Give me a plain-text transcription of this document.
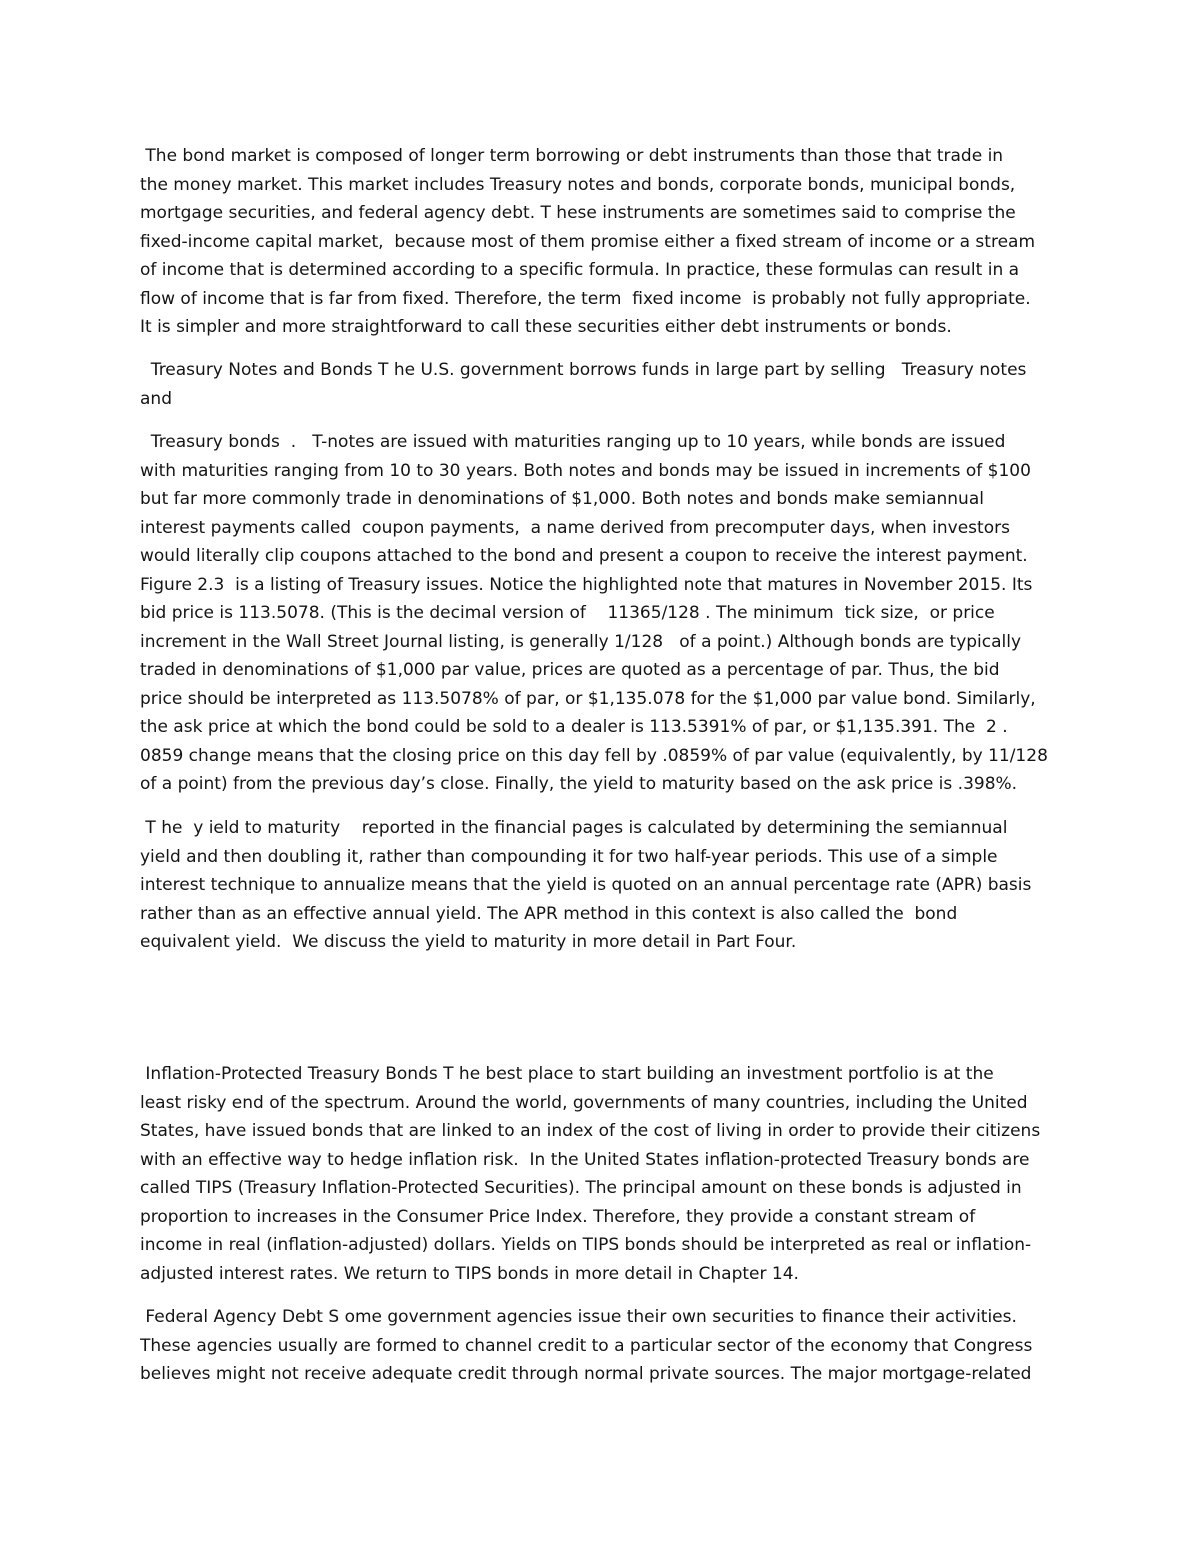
The bond market is composed of longer term borrowing or debt instruments than those that trade in
the money market. This market includes Treasury notes and bonds, corporate bonds, municipal bonds,
mortgage securities, and federal agency debt. T hese instruments are sometimes said to comprise the
fixed-income capital market,  because most of them promise either a fixed stream of income or a stream
of income that is determined according to a specific formula. In practice, these formulas can result in a
flow of income that is far from fixed. Therefore, the term  fixed income  is probably not fully appropriate.
It is simpler and more straightforward to call these securities either debt instruments or bonds.

Treasury Notes and Bonds T he U.S. government borrows funds in large part by selling   Treasury notes
and

Treasury bonds  .   T-notes are issued with maturities ranging up to 10 years, while bonds are issued
with maturities ranging from 10 to 30 years. Both notes and bonds may be issued in increments of $100
but far more commonly trade in denominations of $1,000. Both notes and bonds make semiannual
interest payments called  coupon payments,  a name derived from precomputer days, when investors
would literally clip coupons attached to the bond and present a coupon to receive the interest payment.
Figure 2.3  is a listing of Treasury issues. Notice the highlighted note that matures in November 2015. Its
bid price is 113.5078. (This is the decimal version of    11365/128 . The minimum  tick size,  or price
increment in the Wall Street Journal listing, is generally 1/128   of a point.) Although bonds are typically
traded in denominations of $1,000 par value, prices are quoted as a percentage of par. Thus, the bid
price should be interpreted as 113.5078% of par, or $1,135.078 for the $1,000 par value bond. Similarly,
the ask price at which the bond could be sold to a dealer is 113.5391% of par, or $1,135.391. The  2 .
0859 change means that the closing price on this day fell by .0859% of par value (equivalently, by 11/128
of a point) from the previous day’s close. Finally, the yield to maturity based on the ask price is .398%.

T he  y ield to maturity    reported in the financial pages is calculated by determining the semiannual
yield and then doubling it, rather than compounding it for two half-year periods. This use of a simple
interest technique to annualize means that the yield is quoted on an annual percentage rate (APR) basis
rather than as an effective annual yield. The APR method in this context is also called the  bond
equivalent yield.  We discuss the yield to maturity in more detail in Part Four.

Inflation-Protected Treasury Bonds T he best place to start building an investment portfolio is at the
least risky end of the spectrum. Around the world, governments of many countries, including the United
States, have issued bonds that are linked to an index of the cost of living in order to provide their citizens
with an effective way to hedge inflation risk.  In the United States inflation-protected Treasury bonds are
called TIPS (Treasury Inflation-Protected Securities). The principal amount on these bonds is adjusted in
proportion to increases in the Consumer Price Index. Therefore, they provide a constant stream of
income in real (inflation-adjusted) dollars. Yields on TIPS bonds should be interpreted as real or inflation-
adjusted interest rates. We return to TIPS bonds in more detail in Chapter 14.

Federal Agency Debt S ome government agencies issue their own securities to finance their activities.
These agencies usually are formed to channel credit to a particular sector of the economy that Congress
believes might not receive adequate credit through normal private sources. The major mortgage-related
